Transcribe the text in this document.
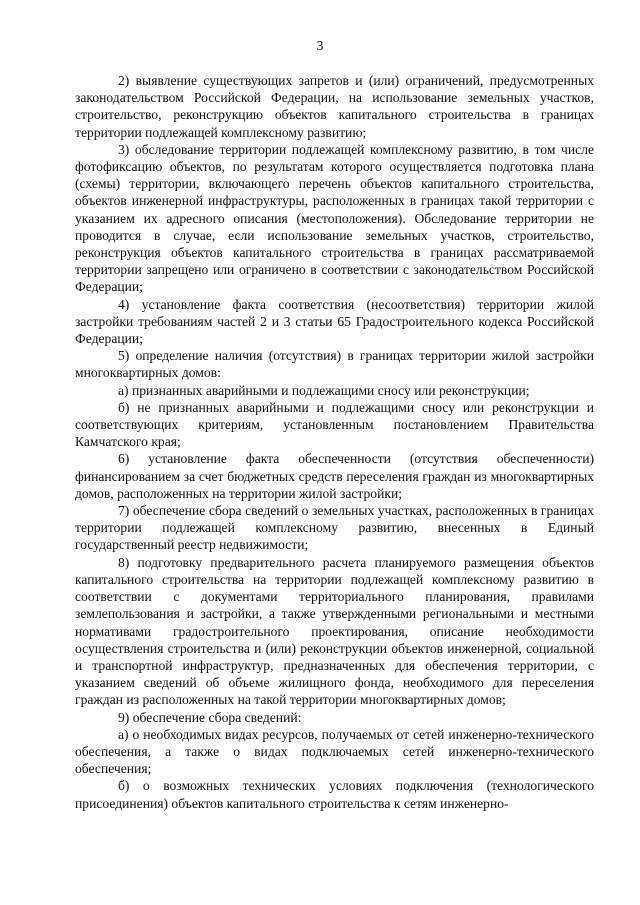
3

2) выявление существующих запретов и (или) ограничений, предусмотренных законодательством Российской Федерации, на использование земельных участков, строительство, реконструкцию объектов капитального строительства в границах территории подлежащей комплексному развитию;

3) обследование территории подлежащей комплексному развитию, в том числе фотофиксацию объектов, по результатам которого осуществляется подготовка плана (схемы) территории, включающего перечень объектов капитального строительства, объектов инженерной инфраструктуры, расположенных в границах такой территории с указанием их адресного описания (местоположения). Обследование территории не проводится в случае, если использование земельных участков, строительство, реконструкция объектов капитального строительства в границах рассматриваемой территории запрещено или ограничено в соответствии с законодательством Российской Федерации;

4) установление факта соответствия (несоответствия) территории жилой застройки требованиям частей 2 и 3 статьи 65 Градостроительного кодекса Российской Федерации;

5) определение наличия (отсутствия) в границах территории жилой застройки многоквартирных домов:

а) признанных аварийными и подлежащими сносу или реконструкции;

б) не признанных аварийными и подлежащими сносу или реконструкции и соответствующих критериям, установленным постановлением Правительства Камчатского края;

6) установление факта обеспеченности (отсутствия обеспеченности) финансированием за счет бюджетных средств переселения граждан из многоквартирных домов, расположенных на территории жилой застройки;

7) обеспечение сбора сведений о земельных участках, расположенных в границах территории подлежащей комплексному развитию, внесенных в Единый государственный реестр недвижимости;

8) подготовку предварительного расчета планируемого размещения объектов капитального строительства на территории подлежащей комплексному развитию в соответствии с документами территориального планирования, правилами землепользования и застройки, а также утвержденными региональными и местными нормативами градостроительного проектирования, описание необходимости осуществления строительства и (или) реконструкции объектов инженерной, социальной и транспортной инфраструктур, предназначенных для обеспечения территории, с указанием сведений об объеме жилищного фонда, необходимого для переселения граждан из расположенных на такой территории многоквартирных домов;

9) обеспечение сбора сведений:

а) о необходимых видах ресурсов, получаемых от сетей инженерно-технического обеспечения, а также о видах подключаемых сетей инженерно-технического обеспечения;

б) о возможных технических условиях подключения (технологического присоединения) объектов капитального строительства к сетям инженерно-
